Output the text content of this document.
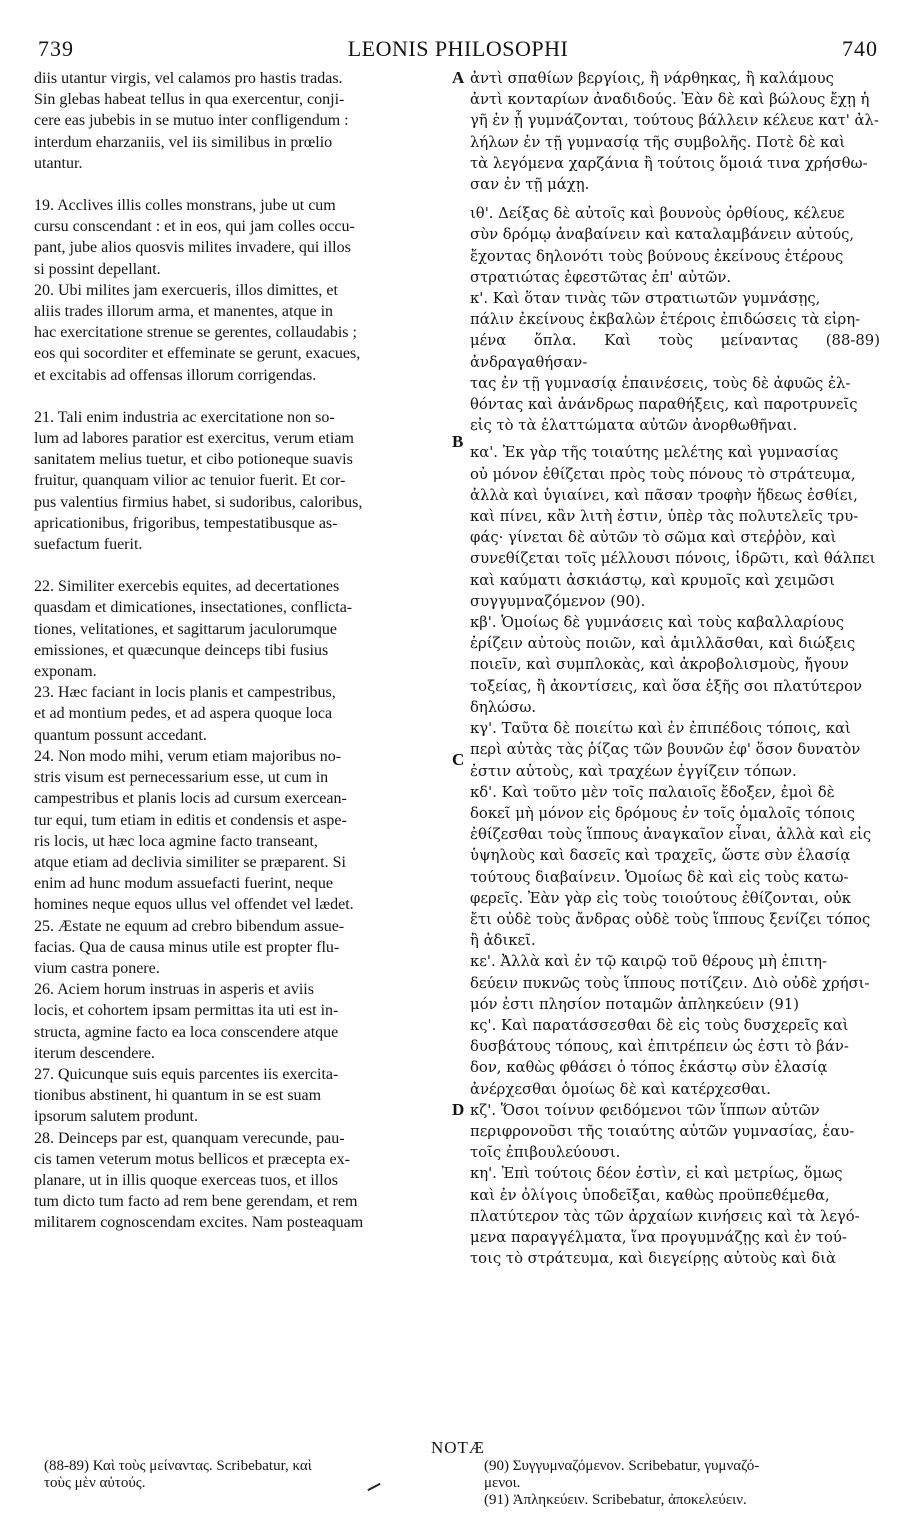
739	LEONIS PHILOSOPHI	740

diis utantur virgis, vel calamos pro hastis tradas.
Sin glebas habeat tellus in qua exercentur, conji-
cere eas jubebis in se mutuo inter confligendum :
interdum eharzaniis, vel iis similibus in prœlio
utantur.

19. Acclives illis colles monstrans, jube ut cum
cursu conscendant : et in eos, qui jam colles occu-
pant, jube alios quosvis milites invadere, qui illos
si possint depellant.

20. Ubi milites jam exercueris, illos dimittes, et
aliis trades illorum arma, et manentes, atque in
hac exercitatione strenue se gerentes, collaudabis ;
eos qui socorditer et effeminate se gerunt, exacues,
et excitabis ad offensas illorum corrigendas.

21. Tali enim industria ac exercitatione non so-
lum ad labores paratior est exercitus, verum etiam
sanitatem melius tuetur, et cibo potioneque suavis
fruitur, quanquam vilior ac tenuior fuerit. Et cor-
pus valentius firmius habet, si sudoribus, caloribus,
apricationibus, frigoribus, tempestatibusque as-
suefactum fuerit.

22. Similiter exercebis equites, ad decertationes
quasdam et dimicationes, insectationes, conflicta-
tiones, velitationes, et sagittarum jaculorumque
emissiones, et quæcunque deinceps tibi fusius
exponam.

23. Hæc faciant in locis planis et campestribus,
et ad montium pedes, et ad aspera quoque loca
quantum possunt accedant.

24. Non modo mihi, verum etiam majoribus no-
stris visum est pernecessarium esse, ut cum in
campestribus et planis locis ad cursum exercean-
tur equi, tum etiam in editis et condensis et aspe-
ris locis, ut hæc loca agmine facto transeant,
atque etiam ad declivia similiter se præparent. Si
enim ad hunc modum assuefacti fuerint, neque
homines neque equos ullus vel offendet vel lædet.

25. Æstate ne equum ad crebro bibendum assue-
facias. Qua de causa minus utile est propter flu-
vium castra ponere.

26. Aciem horum instruas in asperis et aviis
locis, et cohortem ipsam permittas ita uti est in-
structa, agmine facto ea loca conscendere atque
iterum descendere.

27. Quicunque suis equis parcentes iis exercita-
tionibus abstinent, hi quantum in se est suam
ipsorum salutem produnt.

28. Deinceps par est, quanquam verecunde, pau-
cis tamen veterum motus bellicos et præcepta ex-
planare, ut in illis quoque exerceas tuos, et illos
tum dicto tum facto ad rem bene gerendam, et rem
militarem cognoscendam excites. Nam posteaquam

A
B
C
D

ἀντὶ σπαθίων βεργίοις, ἢ νάρθηκας, ἢ καλάμους
ἀντὶ κονταρίων ἀναδιδούς. Ἐὰν δὲ καὶ βώλους ἔχῃ ἡ
γῆ ἐν ᾗ γυμνάζονται, τούτους βάλλειν κέλευε κατ' ἀλ-
λήλων ἐν τῇ γυμνασίᾳ τῆς συμβολῆς. Ποτὲ δὲ καὶ
τὰ λεγόμενα χαρζάνια ἢ τούτοις ὅμοιά τινα χρήσθω-
σαν ἐν τῇ μάχῃ.

ιθ'. Δείξας δὲ αὐτοῖς καὶ βουνοὺς ὀρθίους, κέλευε
σὺν δρόμῳ ἀναβαίνειν καὶ καταλαμβάνειν αὐτούς,
ἔχοντας δηλονότι τοὺς βούνους ἐκείνους ἑτέρους
στρατιώτας ἐφεστῶτας ἐπ' αὐτῶν.

κ'. Καὶ ὅταν τινὰς τῶν στρατιωτῶν γυμνάσῃς,
πάλιν ἐκείνους ἐκβαλὼν ἑτέροις ἐπιδώσεις τὰ εἰρη-
μένα ὅπλα. Καὶ τοὺς μείναντας (88-89) ἀνδραγαθήσαν-
τας ἐν τῇ γυμνασίᾳ ἐπαινέσεις, τοὺς δὲ ἀφυῶς ἐλ-
θόντας καὶ ἀνάνδρως παραθήξεις, καὶ παροτρυνεῖς
εἰς τὸ τὰ ἐλαττώματα αὐτῶν ἀνορθωθῆναι.

κα'. Ἐκ γὰρ τῆς τοιαύτης μελέτης καὶ γυμνασίας
οὐ μόνον ἐθίζεται πρὸς τοὺς πόνους τὸ στράτευμα,
ἀλλὰ καὶ ὑγιαίνει, καὶ πᾶσαν τροφὴν ἥδεως ἐσθίει,
καὶ πίνει, κἂν λιτὴ ἐστιν, ὑπὲρ τὰς πολυτελεῖς τρυ-
φάς· γίνεται δὲ αὐτῶν τὸ σῶμα καὶ στεῤῥὸν, καὶ
συνεθίζεται τοῖς μέλλουσι πόνοις, ἱδρῶτι, καὶ θάλπει
καὶ καύματι ἀσκιάστῳ, καὶ κρυμοῖς καὶ χειμῶσι
συγγυμναζόμενον (90).

κβ'. Ὁμοίως δὲ γυμνάσεις καὶ τοὺς καβαλλαρίους
ἐρίζειν αὐτοὺς ποιῶν, καὶ ἁμιλλᾶσθαι, καὶ διώξεις
ποιεῖν, καὶ συμπλοκὰς, καὶ ἀκροβολισμοὺς, ἤγουν
τοξείας, ἢ ἀκοντίσεις, καὶ ὅσα ἑξῆς σοι πλατύτερον
δηλώσω.

κγ'. Ταῦτα δὲ ποιείτω καὶ ἐν ἐπιπέδοις τόποις, καὶ
περὶ αὐτὰς τὰς ῥίζας τῶν βουνῶν ἐφ' ὅσον δυνατὸν
ἐστιν αὐτοὺς, καὶ τραχέων ἐγγίζειν τόπων.

κδ'. Καὶ τοῦτο μὲν τοῖς παλαιοῖς ἔδοξεν, ἐμοὶ δὲ
δοκεῖ μὴ μόνον εἰς δρόμους ἐν τοῖς ὁμαλοῖς τόποις
ἐθίζεσθαι τοὺς ἵππους ἀναγκαῖον εἶναι, ἀλλὰ καὶ εἰς
ὑψηλοὺς καὶ δασεῖς καὶ τραχεῖς, ὥστε σὺν ἐλασίᾳ
τούτους διαβαίνειν. Ὁμοίως δὲ καὶ εἰς τοὺς κατω-
φερεῖς. Ἐὰν γὰρ εἰς τοὺς τοιούτους ἐθίζονται, οὐκ
ἔτι οὐδὲ τοὺς ἄνδρας οὐδὲ τοὺς ἵππους ξενίζει τόπος
ἢ ἀδικεῖ.

κε'. Ἀλλὰ καὶ ἐν τῷ καιρῷ τοῦ θέρους μὴ ἐπιτη-
δεύειν πυκνῶς τοὺς ἵππους ποτίζειν. Διὸ οὐδὲ χρήσι-
μόν ἐστι πλησίον ποταμῶν ἀπληκεύειν (91)

κς'. Καὶ παρατάσσεσθαι δὲ εἰς τοὺς δυσχερεῖς καὶ
δυσβάτους τόπους, καὶ ἐπιτρέπειν ὡς ἐστι τὸ βάν-
δον, καθὼς φθάσει ὁ τόπος ἑκάστῳ σὺν ἐλασίᾳ
ἀνέρχεσθαι ὁμοίως δὲ καὶ κατέρχεσθαι.

κζ'. Ὅσοι τοίνυν φειδόμενοι τῶν ἵππων αὐτῶν
περιφρονοῦσι τῆς τοιαύτης αὐτῶν γυμνασίας, ἑαυ-
τοῖς ἐπιβουλεύουσι.

κη'. Ἐπὶ τούτοις δέον ἐστὶν, εἰ καὶ μετρίως, ὅμως
καὶ ἐν ὀλίγοις ὑποδεῖξαι, καθὼς προϋπεθέμεθα,
πλατύτερον τὰς τῶν ἀρχαίων κινήσεις καὶ τὰ λεγό-
μενα παραγγέλματα, ἵνα προγυμνάζῃς καὶ ἐν τού-
τοις τὸ στράτευμα, καὶ διεγείρῃς αὐτοὺς καὶ διὰ

NOTÆ
(88-89) Καὶ τοὺς μείναντας. Scribebatur, καὶ
τοὺς μὲν αὐτούς.
(90) Συγγυμναζόμενον. Scribebatur, γυμναζό-
μενοι.
(91) Ἀπληκεύειν. Scribebatur, ἀποκελεύειν.
